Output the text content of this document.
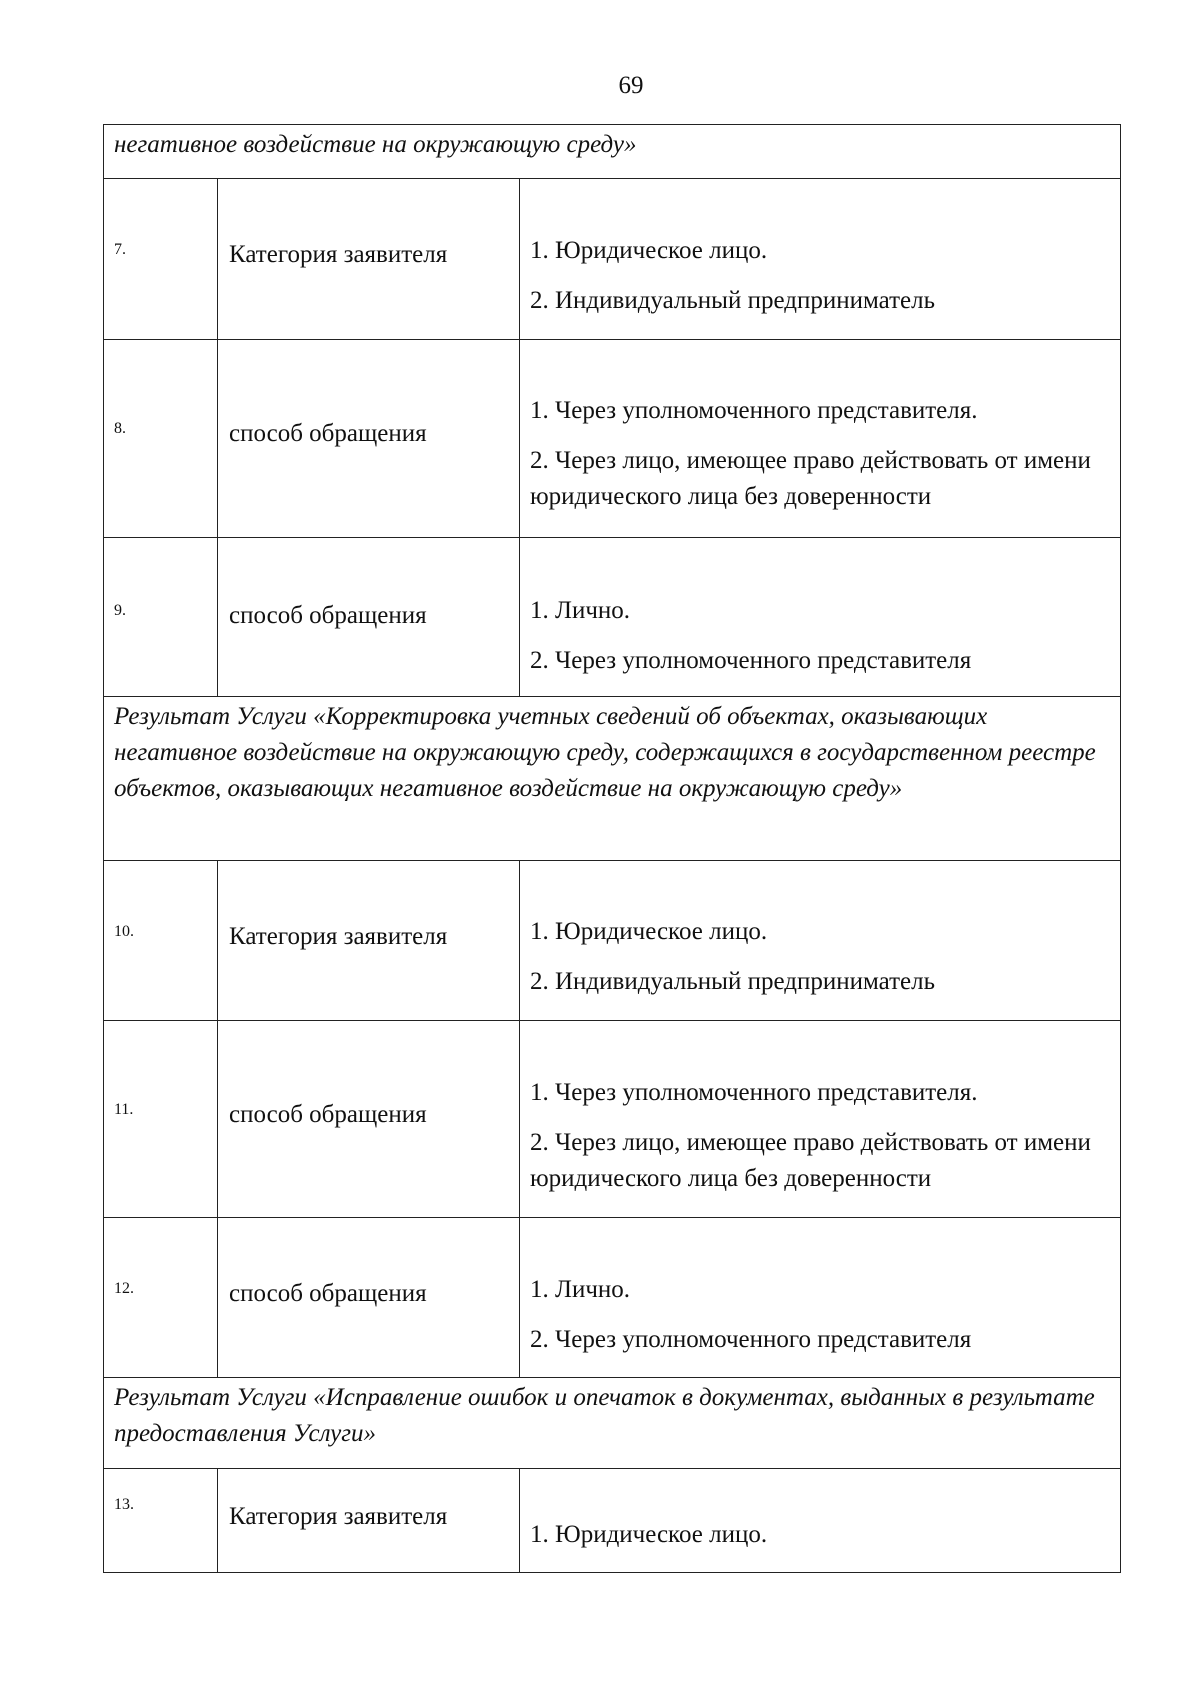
69
негативное воздействие на окружающую среду»		
7.	Категория заявителя	1. Юридическое лицо.
2. Индивидуальный предприниматель

8.	способ обращения	1. Через уполномоченного представителя.
2. Через лицо, имеющее право действовать от имени юридического лица без доверенности

9.	способ обращения	1. Лично.
2. Через уполномоченного представителя

Результат Услуги «Корректировка учетных сведений об объектах, оказывающих негативное воздействие на окружающую среду, содержащихся в государственном реестре объектов, оказывающих негативное воздействие на окружающую среду»		
10.	Категория заявителя	1. Юридическое лицо.
2. Индивидуальный предприниматель

11.	способ обращения	1. Через уполномоченного представителя.
2. Через лицо, имеющее право действовать от имени юридического лица без доверенности

12.	способ обращения	1. Лично.
2. Через уполномоченного представителя

Результат Услуги «Исправление ошибок и опечаток в документах, выданных в результате предоставления Услуги»		
13.	Категория заявителя	1. Юридическое лицо.
